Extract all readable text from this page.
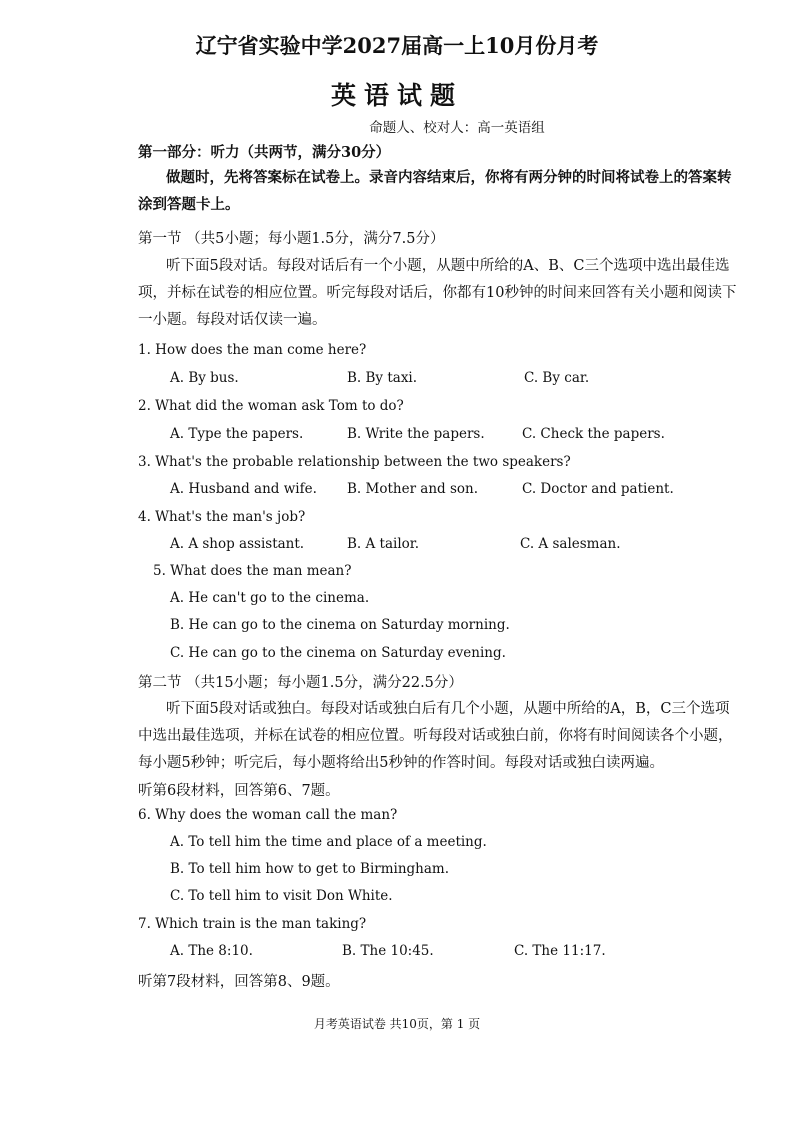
辽宁省实验中学2027届高一上10月份月考
英语试题
命题人、校对人：高一英语组
第一部分：听力（共两节，满分30分）
做题时，先将答案标在试卷上。录音内容结束后，你将有两分钟的时间将试卷上的答案转涂到答题卡上。
第一节 （共5小题；每小题1.5分，满分7.5分）
听下面5段对话。每段对话后有一个小题，从题中所给的A、B、C三个选项中选出最佳选项，并标在试卷的相应位置。听完每段对话后，你都有10秒钟的时间来回答有关小题和阅读下一小题。每段对话仅读一遍。
1. How does the man come here?
A. By bus.	B. By taxi.	C. By car.
2. What did the woman ask Tom to do?
A. Type the papers.	B. Write the papers.	C. Check the papers.
3. What's the probable relationship between the two speakers?
A. Husband and wife. B. Mother and son.	C. Doctor and patient.
4. What's the man's job?
A. A shop assistant.	B. A tailor.	C. A salesman.
5. What does the man mean?
A. He can't go to the cinema.
B. He can go to the cinema on Saturday morning.
C. He can go to the cinema on Saturday evening.
第二节 （共15小题；每小题1.5分，满分22.5分）
听下面5段对话或独白。每段对话或独白后有几个小题，从题中所给的A，B，C三个选项中选出最佳选项，并标在试卷的相应位置。听每段对话或独白前，你将有时间阅读各个小题，每小题5秒钟；听完后，每小题将给出5秒钟的作答时间。每段对话或独白读两遍。
听第6段材料，回答第6、7题。
6. Why does the woman call the man?
A. To tell him the time and place of a meeting.
B. To tell him how to get to Birmingham.
C. To tell him to visit Don White.
7. Which train is the man taking?
A. The 8:10.	B. The 10:45.	C. The 11:17.
听第7段材料，回答第8、9题。
月考英语试卷 共10页，第 1 页
